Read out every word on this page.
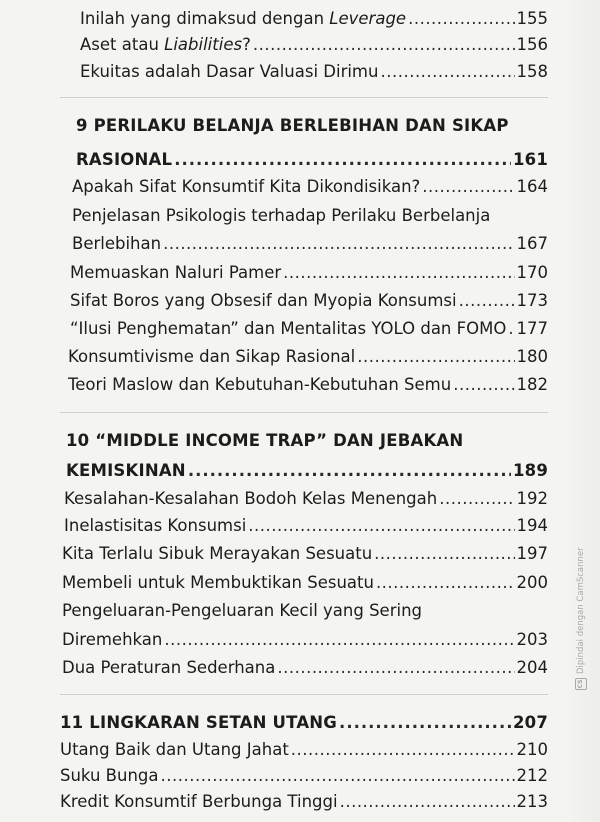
Inilah yang dimaksud dengan Leverage .....	155
Aset atau Liabilities? .....	156
Ekuitas adalah Dasar Valuasi Dirimu .....	158
9 PERILAKU BELANJA BERLEBIHAN DAN SIKAP
RASIONAL .....	161
Apakah Sifat Konsumtif Kita Dikondisikan? .....	164
Penjelasan Psikologis terhadap Perilaku Berbelanja
Berlebihan .....	167
Memuaskan Naluri Pamer .....	170
Sifat Boros yang Obsesif dan Myopia Konsumsi .....	173
“Ilusi Penghematan” dan Mentalitas YOLO dan FOMO ..... 177
Konsumtivisme dan Sikap Rasional .....	180
Teori Maslow dan Kebutuhan-Kebutuhan Semu .....	182
10 “MIDDLE INCOME TRAP” DAN JEBAKAN
KEMISKINAN .....	189
Kesalahan-Kesalahan Bodoh Kelas Menengah .....	192
Inelastisitas Konsumsi .....	194
Kita Terlalu Sibuk Merayakan Sesuatu .....	197
Membeli untuk Membuktikan Sesuatu .....	200
Pengeluaran-Pengeluaran Kecil yang Sering
Diremehkan .....	203
Dua Peraturan Sederhana .....	204
11 LINGKARAN SETAN UTANG .....	207
Utang Baik dan Utang Jahat .....	210
Suku Bunga .....	212
Kredit Konsumtif Berbunga Tinggi .....	213
CS
Dipindai dengan CamScanner
